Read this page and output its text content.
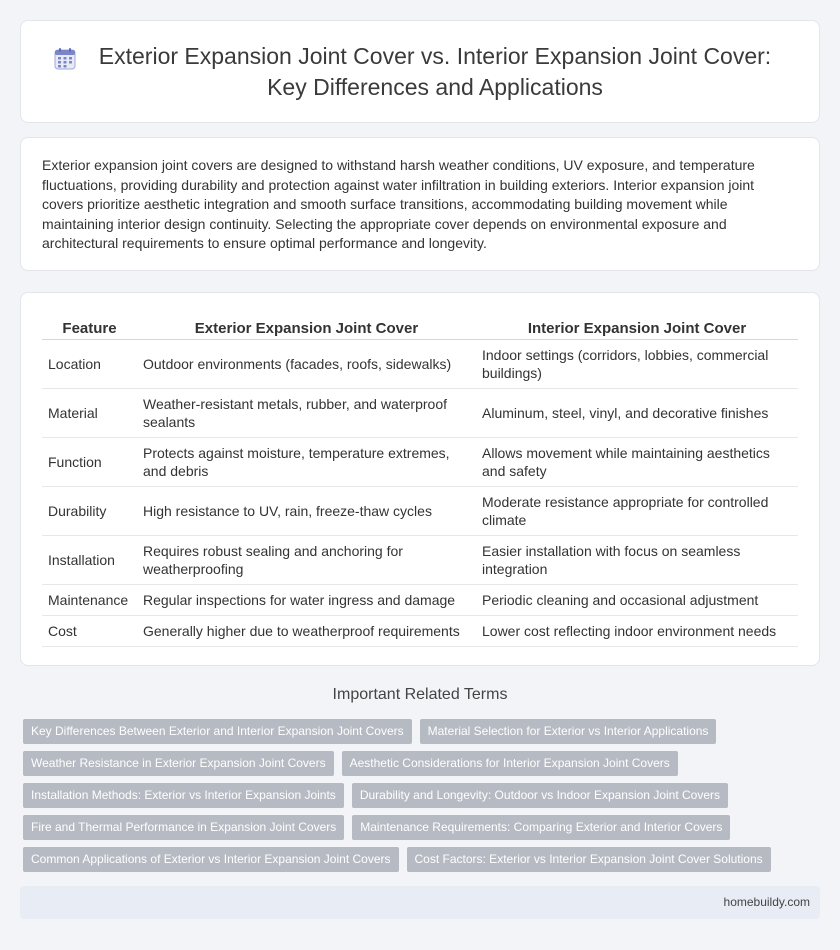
Exterior Expansion Joint Cover vs. Interior Expansion Joint Cover: Key Differences and Applications

Exterior expansion joint covers are designed to withstand harsh weather conditions, UV exposure, and temperature fluctuations, providing durability and protection against water infiltration in building exteriors. Interior expansion joint covers prioritize aesthetic integration and smooth surface transitions, accommodating building movement while maintaining interior design continuity. Selecting the appropriate cover depends on environmental exposure and architectural requirements to ensure optimal performance and longevity.

Feature	Exterior Expansion Joint Cover	Interior Expansion Joint Cover
Location	Outdoor environments (facades, roofs, sidewalks)	Indoor settings (corridors, lobbies, commercial buildings)
Material	Weather-resistant metals, rubber, and waterproof sealants	Aluminum, steel, vinyl, and decorative finishes
Function	Protects against moisture, temperature extremes, and debris	Allows movement while maintaining aesthetics and safety
Durability	High resistance to UV, rain, freeze-thaw cycles	Moderate resistance appropriate for controlled climate
Installation	Requires robust sealing and anchoring for weatherproofing	Easier installation with focus on seamless integration
Maintenance	Regular inspections for water ingress and damage	Periodic cleaning and occasional adjustment
Cost	Generally higher due to weatherproof requirements	Lower cost reflecting indoor environment needs
Important Related Terms
Key Differences Between Exterior and Interior Expansion Joint Covers	Material Selection for Exterior vs Interior Applications
Weather Resistance in Exterior Expansion Joint Covers	Aesthetic Considerations for Interior Expansion Joint Covers
Installation Methods: Exterior vs Interior Expansion Joints	Durability and Longevity: Outdoor vs Indoor Expansion Joint Covers
Fire and Thermal Performance in Expansion Joint Covers	Maintenance Requirements: Comparing Exterior and Interior Covers
Common Applications of Exterior vs Interior Expansion Joint Covers	Cost Factors: Exterior vs Interior Expansion Joint Cover Solutions
homebuildy.com
